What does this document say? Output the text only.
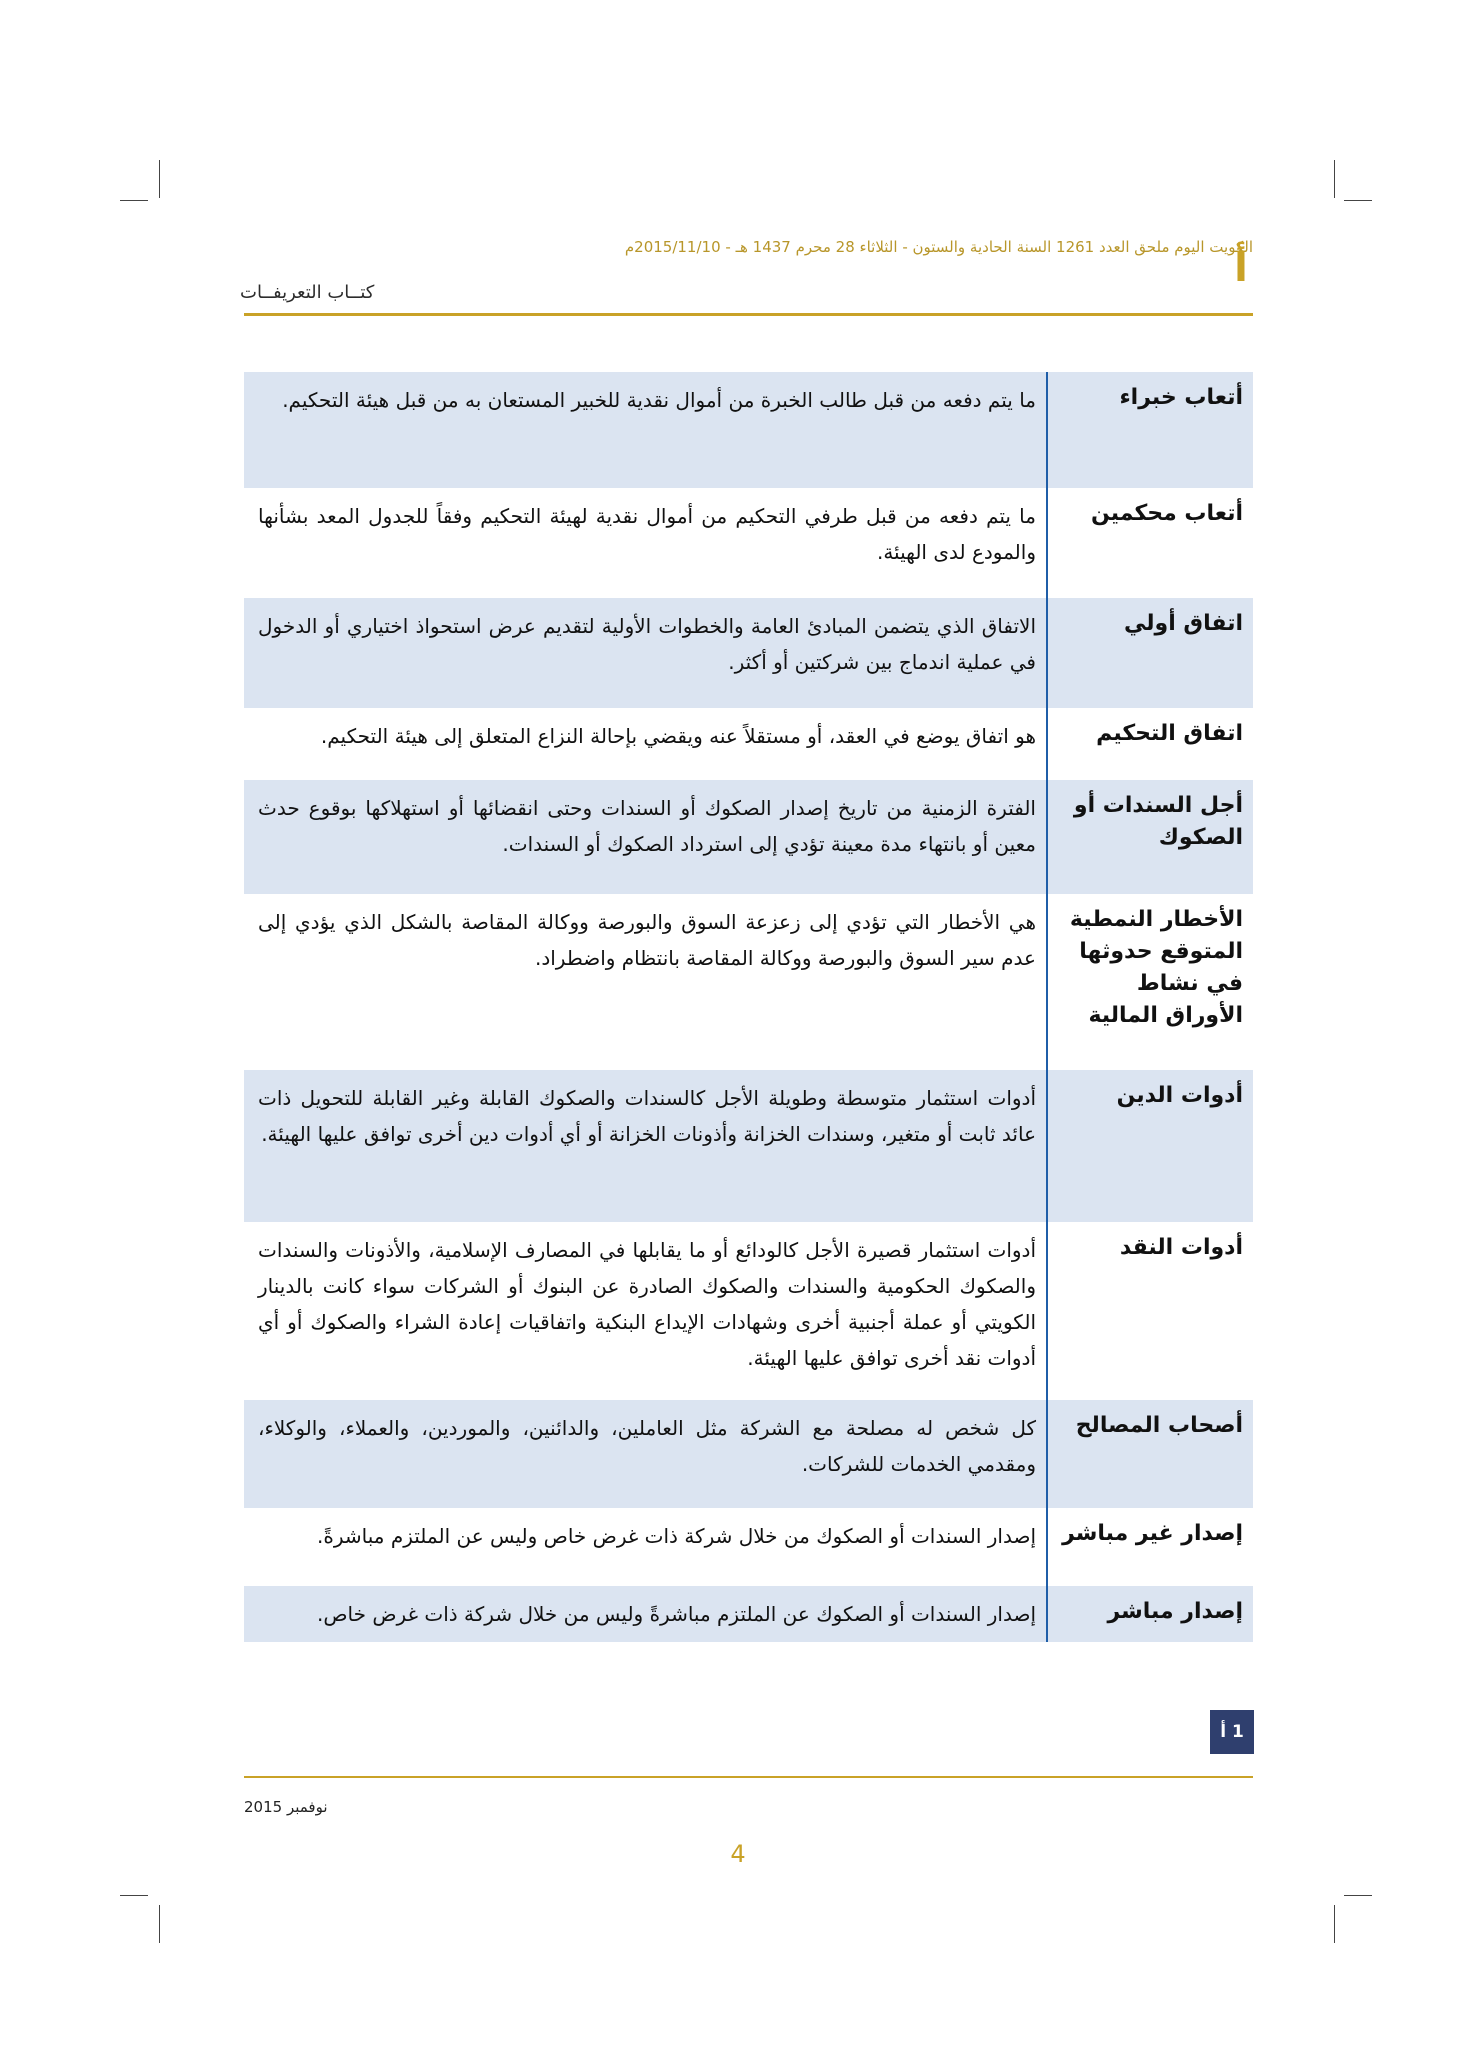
الكويت اليوم ملحق العدد 1261 السنة الحادية والستون - الثلاثاء 28 محرم 1437 هـ - 2015/11/10م
أ
كتــاب التعريفــات
أتعاب خبراء	ما يتم دفعه من قبل طالب الخبرة من أموال نقدية للخبير المستعان به من قبل هيئة التحكيم.
أتعاب محكمين	ما يتم دفعه من قبل طرفي التحكيم من أموال نقدية لهيئة التحكيم وفقاً للجدول المعد بشأنها والمودع لدى الهيئة.
اتفاق أولي	الاتفاق الذي يتضمن المبادئ العامة والخطوات الأولية لتقديم عرض استحواذ اختياري أو الدخول في عملية اندماج بين شركتين أو أكثر.
اتفاق التحكيم	هو اتفاق يوضع في العقد، أو مستقلاً عنه ويقضي بإحالة النزاع المتعلق إلى هيئة التحكيم.
أجل السندات أو الصكوك	الفترة الزمنية من تاريخ إصدار الصكوك أو السندات وحتى انقضائها أو استهلاكها بوقوع حدث معين أو بانتهاء مدة معينة تؤدي إلى استرداد الصكوك أو السندات.
الأخطار النمطية المتوقع حدوثها في نشاط الأوراق المالية	هي الأخطار التي تؤدي إلى زعزعة السوق والبورصة ووكالة المقاصة بالشكل الذي يؤدي إلى عدم سير السوق والبورصة ووكالة المقاصة بانتظام واضطراد.
أدوات الدين	أدوات استثمار متوسطة وطويلة الأجل كالسندات والصكوك القابلة وغير القابلة للتحويل ذات عائد ثابت أو متغير، وسندات الخزانة وأذونات الخزانة أو أي أدوات دين أخرى توافق عليها الهيئة.
أدوات النقد	أدوات استثمار قصيرة الأجل كالودائع أو ما يقابلها في المصارف الإسلامية، والأذونات والسندات والصكوك الحكومية والسندات والصكوك الصادرة عن البنوك أو الشركات سواء كانت بالدينار الكويتي أو عملة أجنبية أخرى وشهادات الإيداع البنكية واتفاقيات إعادة الشراء والصكوك أو أي أدوات نقد أخرى توافق عليها الهيئة.
أصحاب المصالح	كل شخص له مصلحة مع الشركة مثل العاملين، والدائنين، والموردين، والعملاء، والوكلاء، ومقدمي الخدمات للشركات.
إصدار غير مباشر	إصدار السندات أو الصكوك من خلال شركة ذات غرض خاص وليس عن الملتزم مباشرةً.
إصدار مباشر	إصدار السندات أو الصكوك عن الملتزم مباشرةً وليس من خلال شركة ذات غرض خاص.
1 أ
نوفمبر 2015
4
